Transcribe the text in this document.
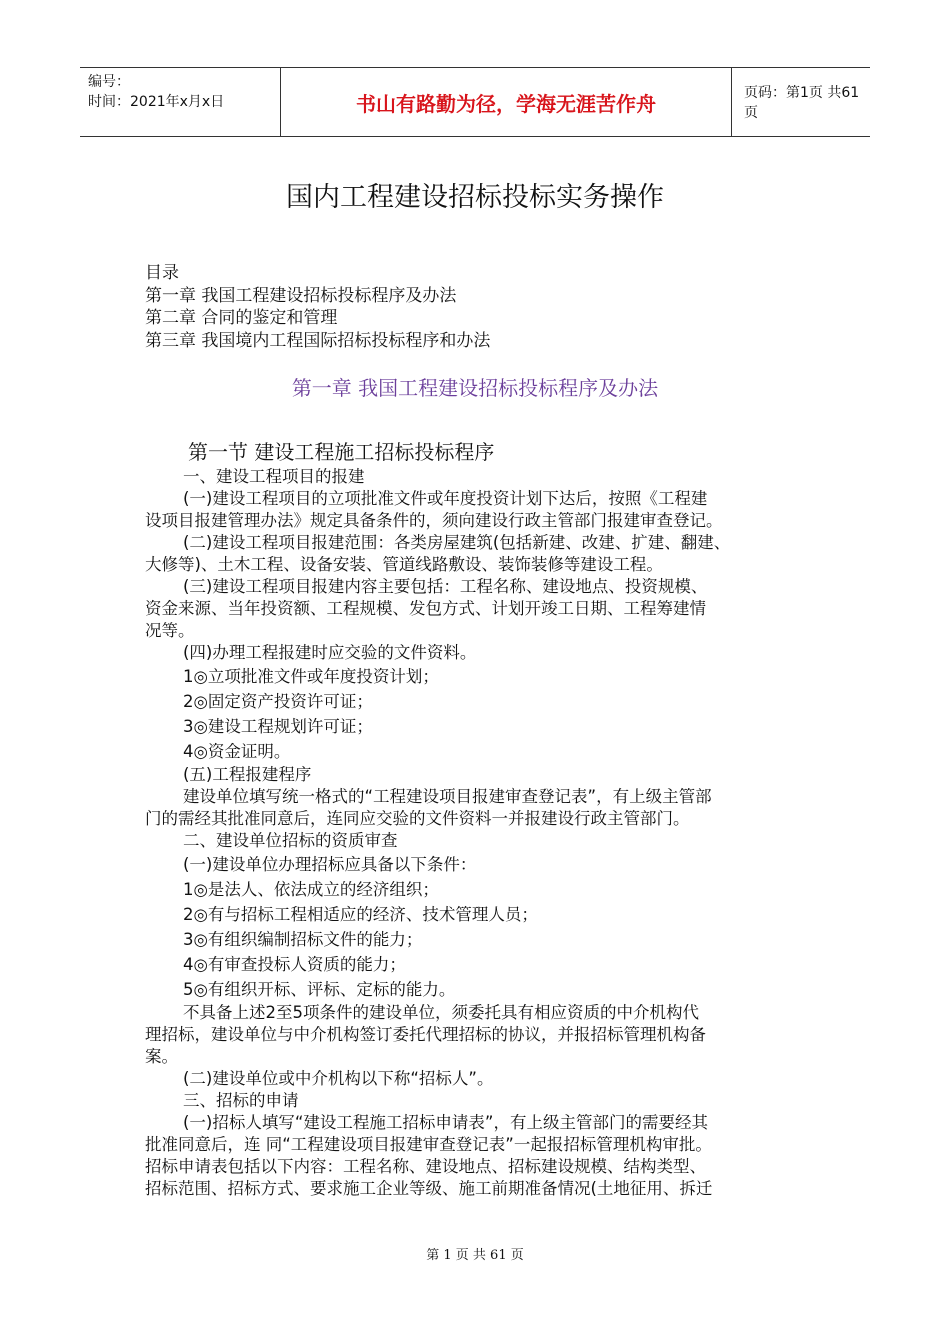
编号：
时间：2021年x月x日	书山有路勤为径，学海无涯苦作舟	页码：第1页 共61页
国内工程建设招标投标实务操作
目录
第一章 我国工程建设招标投标程序及办法
第二章 合同的鉴定和管理
第三章 我国境内工程国际招标投标程序和办法
第一章 我国工程建设招标投标程序及办法
第一节 建设工程施工招标投标程序
一、建设工程项目的报建
(一)建设工程项目的立项批准文件或年度投资计划下达后，按照《工程建
设项目报建管理办法》规定具备条件的，须向建设行政主管部门报建审查登记。
(二)建设工程项目报建范围：各类房屋建筑(包括新建、改建、扩建、翻建、
大修等)、土木工程、设备安装、管道线路敷设、装饰装修等建设工程。
(三)建设工程项目报建内容主要包括：工程名称、建设地点、投资规模、
资金来源、当年投资额、工程规模、发包方式、计划开竣工日期、工程筹建情
况等。
(四)办理工程报建时应交验的文件资料。
1◎立项批准文件或年度投资计划；
2◎固定资产投资许可证；
3◎建设工程规划许可证；
4◎资金证明。
(五)工程报建程序
建设单位填写统一格式的“工程建设项目报建审查登记表”，有上级主管部
门的需经其批准同意后，连同应交验的文件资料一并报建设行政主管部门。
二、建设单位招标的资质审查
(一)建设单位办理招标应具备以下条件：
1◎是法人、依法成立的经济组织；
2◎有与招标工程相适应的经济、技术管理人员；
3◎有组织编制招标文件的能力；
4◎有审查投标人资质的能力；
5◎有组织开标、评标、定标的能力。
不具备上述2至5项条件的建设单位，须委托具有相应资质的中介机构代
理招标，建设单位与中介机构签订委托代理招标的协议，并报招标管理机构备
案。
(二)建设单位或中介机构以下称“招标人”。
三、招标的申请
(一)招标人填写“建设工程施工招标申请表”，有上级主管部门的需要经其
批准同意后，连 同“工程建设项目报建审查登记表”一起报招标管理机构审批。
招标申请表包括以下内容：工程名称、建设地点、招标建设规模、结构类型、
招标范围、招标方式、要求施工企业等级、施工前期准备情况(土地征用、拆迁
第 1 页 共 61 页
